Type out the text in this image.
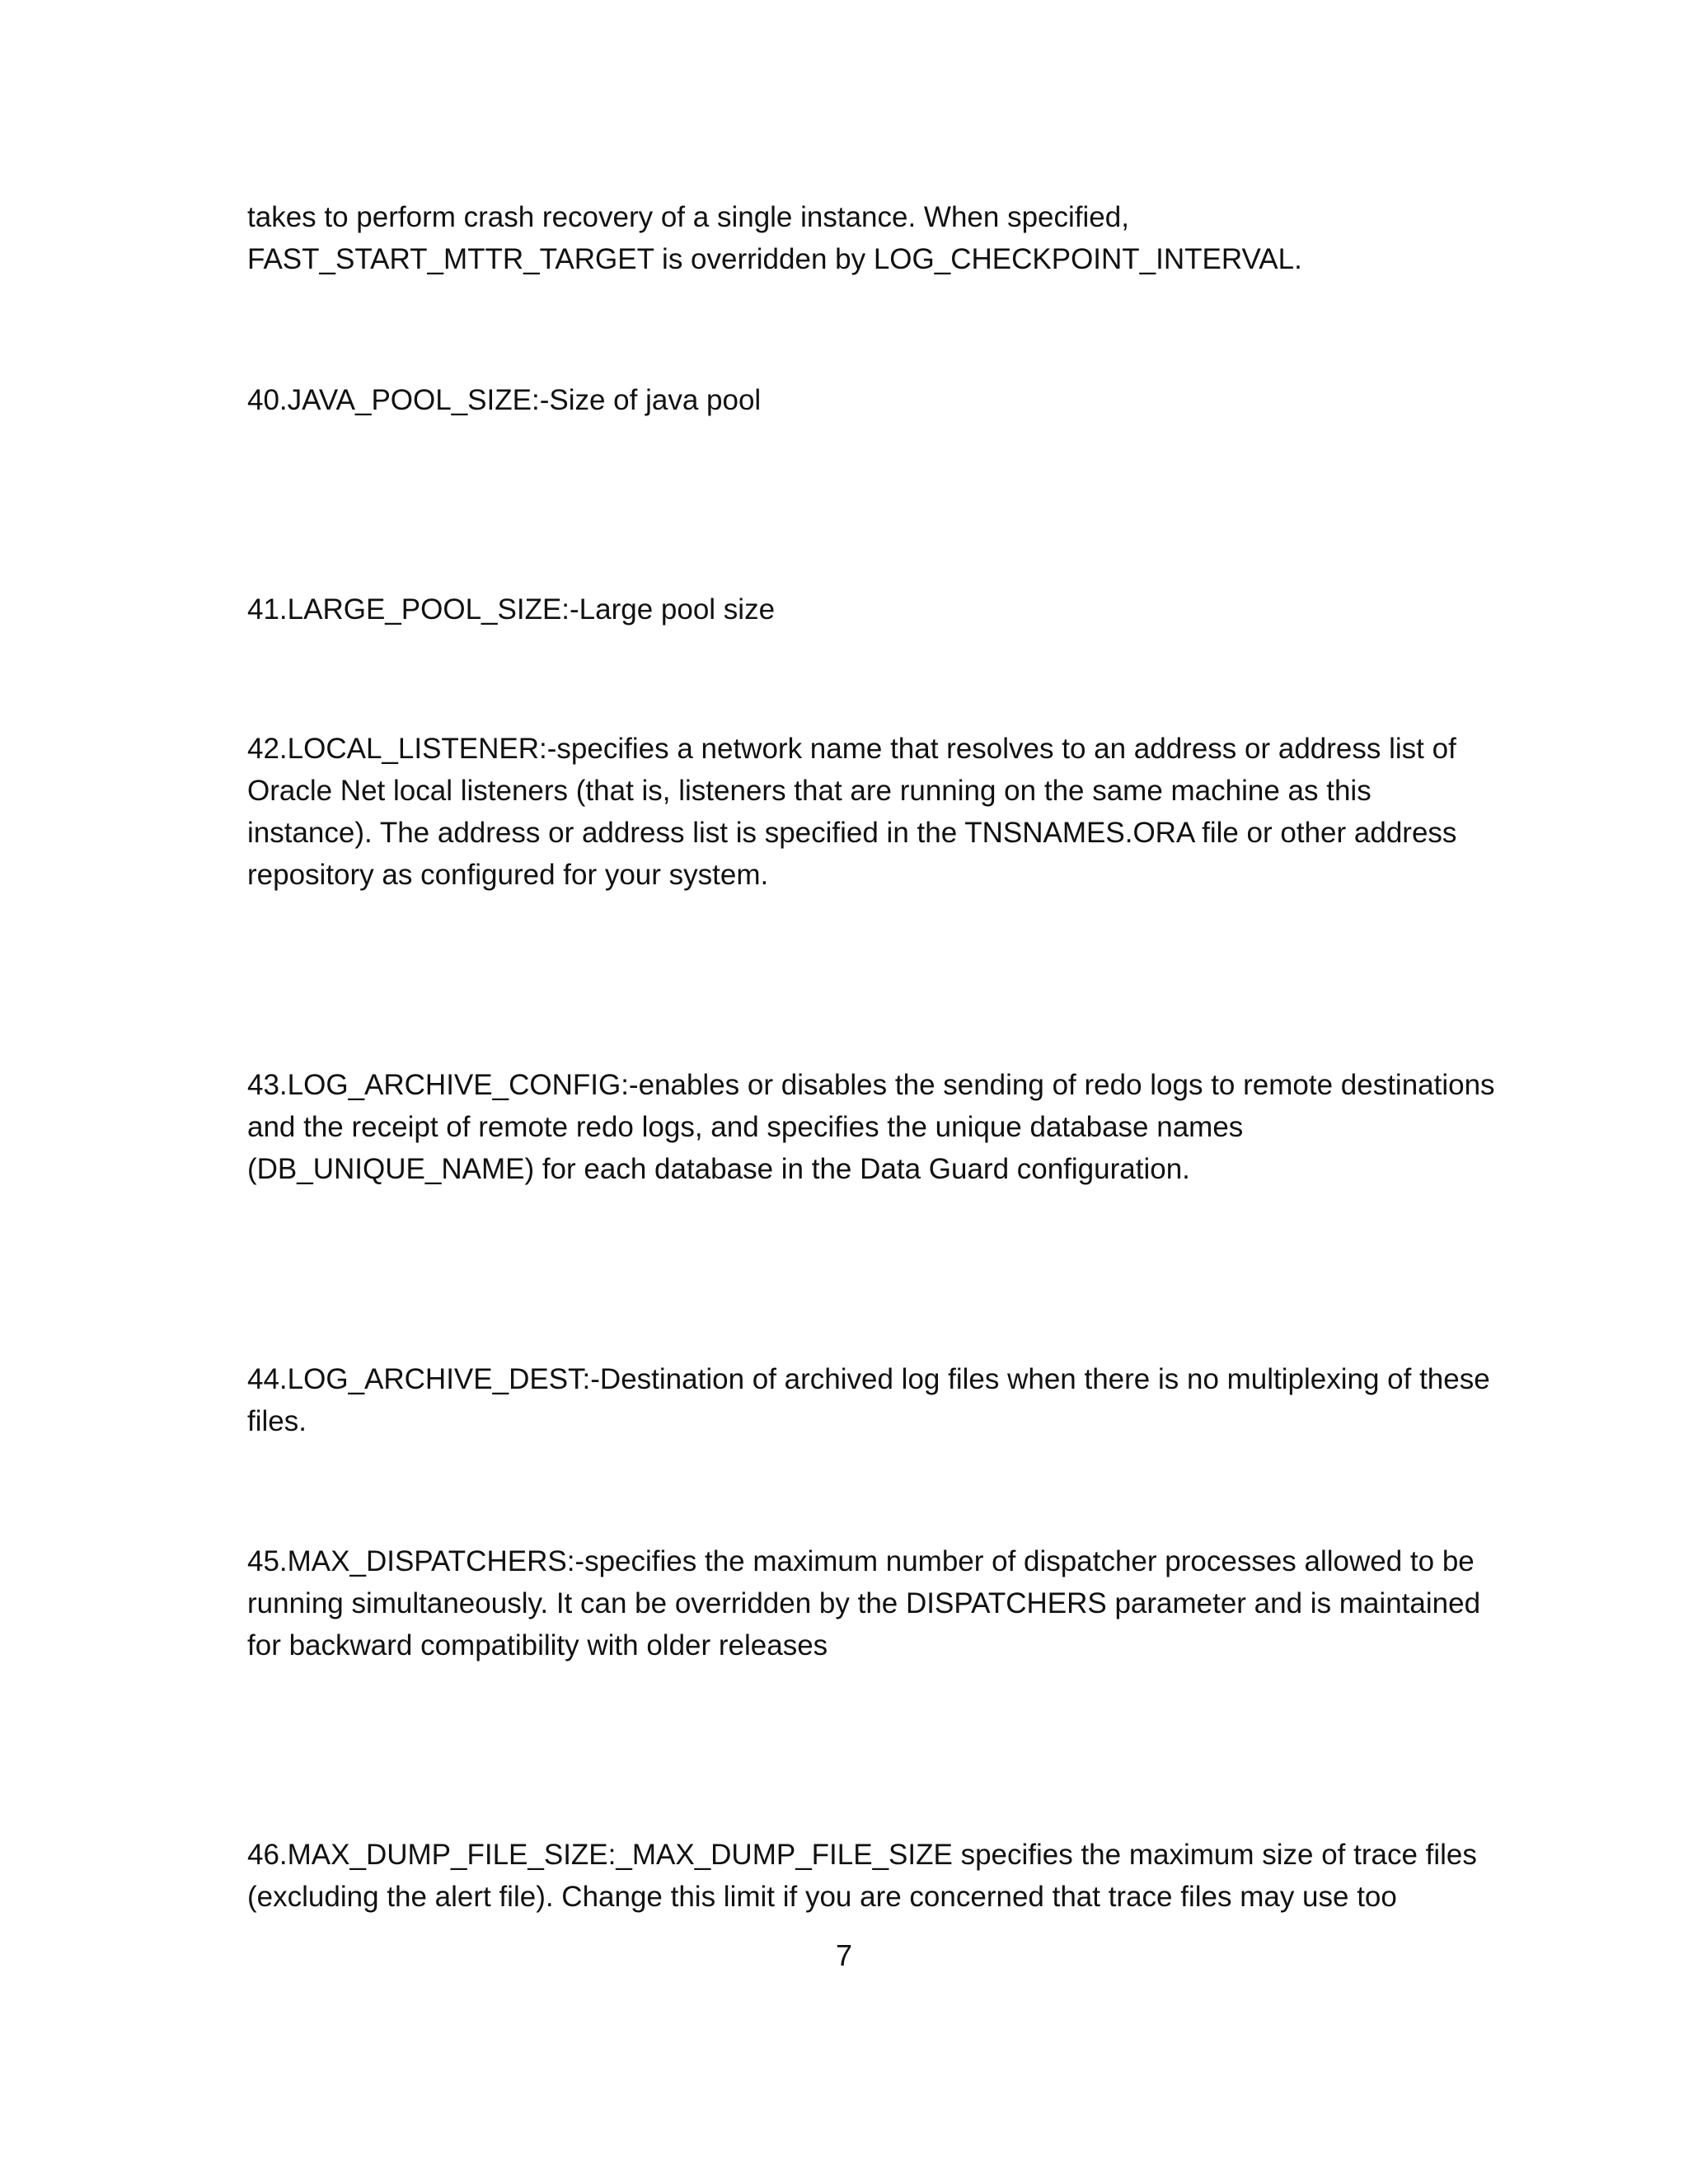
takes to perform crash recovery of a single instance. When specified,
FAST_START_MTTR_TARGET is overridden by LOG_CHECKPOINT_INTERVAL.
40.JAVA_POOL_SIZE:-Size of java pool
41.LARGE_POOL_SIZE:-Large pool size
42.LOCAL_LISTENER:-specifies a network name that resolves to an address or address list of
Oracle Net local listeners (that is, listeners that are running on the same machine as this
instance). The address or address list is specified in the TNSNAMES.ORA file or other address
repository as configured for your system.
43.LOG_ARCHIVE_CONFIG:-enables or disables the sending of redo logs to remote destinations
and the receipt of remote redo logs, and specifies the unique database names
(DB_UNIQUE_NAME) for each database in the Data Guard configuration.
44.LOG_ARCHIVE_DEST:-Destination of archived log files when there is no multiplexing of these
files.
45.MAX_DISPATCHERS:-specifies the maximum number of dispatcher processes allowed to be
running simultaneously. It can be overridden by the DISPATCHERS parameter and is maintained
for backward compatibility with older releases
46.MAX_DUMP_FILE_SIZE:_MAX_DUMP_FILE_SIZE specifies the maximum size of trace files
(excluding the alert file). Change this limit if you are concerned that trace files may use too
7
